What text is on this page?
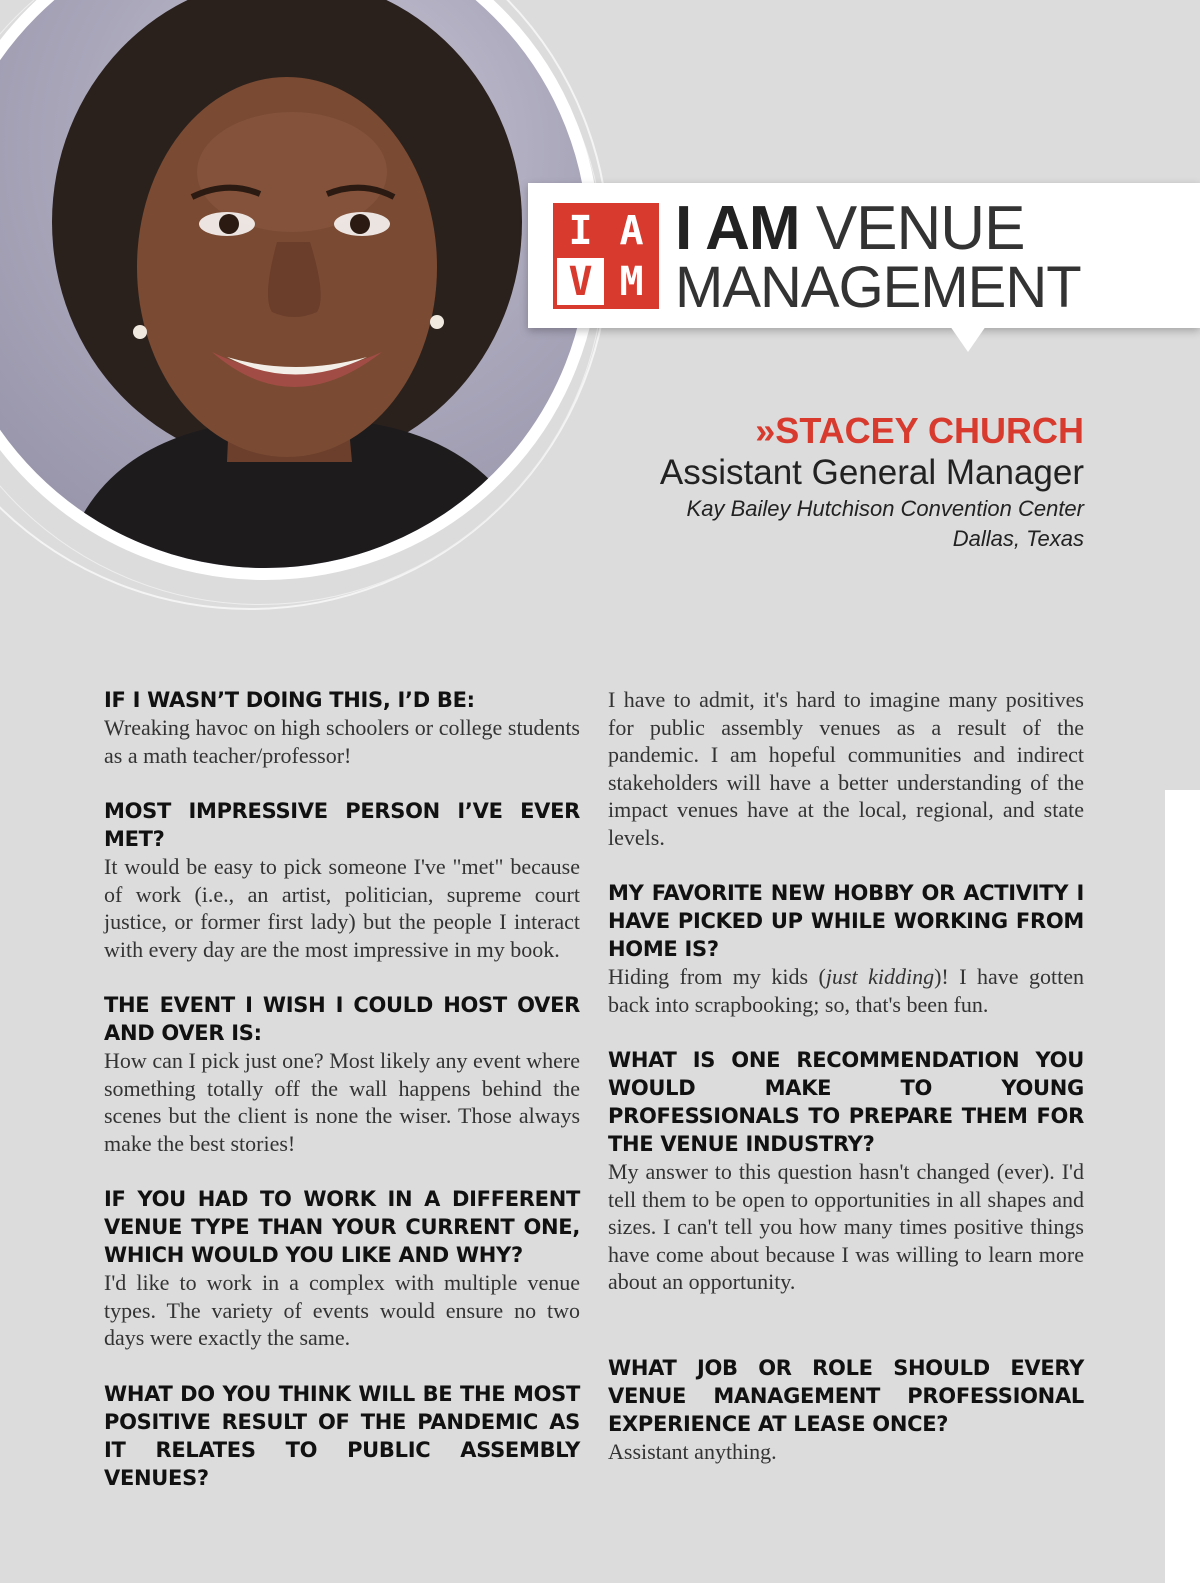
I A
V M
I AM VENUE
MANAGEMENT
»STACEY CHURCH
Assistant General Manager
Kay Bailey Hutchison Convention Center
Dallas, Texas
IF I WASN’T DOING THIS, I’D BE:

Wreaking havoc on high schoolers or college students as a math teacher/professor!

MOST IMPRESSIVE PERSON I’VE EVER MET?

It would be easy to pick someone I've "met" because of work (i.e., an artist, politician, supreme court justice, or former first lady) but the people I interact with every day are the most impressive in my book.

THE EVENT I WISH I COULD HOST OVER AND OVER IS:

How can I pick just one? Most likely any event where something totally off the wall happens behind the scenes but the client is none the wiser. Those always make the best stories!

IF YOU HAD TO WORK IN A DIFFERENT VENUE TYPE THAN YOUR CURRENT ONE, WHICH WOULD YOU LIKE AND WHY?

I'd like to work in a complex with multiple venue types. The variety of events would ensure no two days were exactly the same.

WHAT DO YOU THINK WILL BE THE MOST POSITIVE RESULT OF THE PANDEMIC AS IT RELATES TO PUBLIC ASSEMBLY VENUES?

I have to admit, it's hard to imagine many positives for public assembly venues as a result of the pandemic. I am hopeful communities and indirect stakeholders will have a better understanding of the impact venues have at the local, regional, and state levels.

MY FAVORITE NEW HOBBY OR ACTIVITY I HAVE PICKED UP WHILE WORKING FROM HOME IS?

Hiding from my kids (just kidding)! I have gotten back into scrapbooking; so, that's been fun.

WHAT IS ONE RECOMMENDATION YOU WOULD MAKE TO YOUNG PROFESSIONALS TO PREPARE THEM FOR THE VENUE INDUSTRY?

My answer to this question hasn't changed (ever). I'd tell them to be open to opportunities in all shapes and sizes. I can't tell you how many times positive things have come about because I was willing to learn more about an opportunity.

WHAT JOB OR ROLE SHOULD EVERY VENUE MANAGEMENT PROFESSIONAL EXPERIENCE AT LEASE ONCE?

Assistant anything.
